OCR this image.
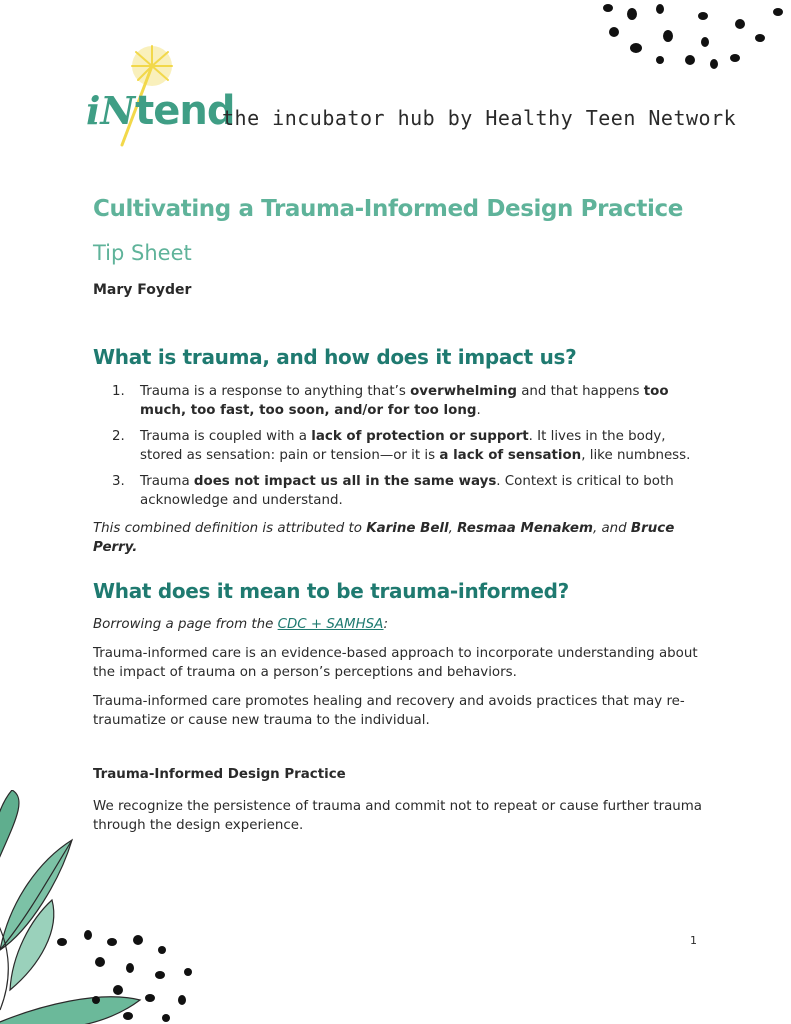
iNtend
the incubator hub by Healthy Teen Network
Cultivating a Trauma-Informed Design Practice
Tip Sheet
Mary Foyder
What is trauma, and how does it impact us?
1. Trauma is a response to anything that’s overwhelming and that happens too much, too fast, too soon, and/or for too long.
2. Trauma is coupled with a lack of protection or support. It lives in the body, stored as sensation: pain or tension—or it is a lack of sensation, like numbness.
3. Trauma does not impact us all in the same ways. Context is critical to both acknowledge and understand.
This combined definition is attributed to Karine Bell, Resmaa Menakem, and Bruce Perry.
What does it mean to be trauma-informed?
Borrowing a page from the CDC + SAMHSA:
Trauma-informed care is an evidence-based approach to incorporate understanding about the impact of trauma on a person’s perceptions and behaviors.
Trauma-informed care promotes healing and recovery and avoids practices that may re-traumatize or cause new trauma to the individual.
Trauma-Informed Design Practice
We recognize the persistence of trauma and commit not to repeat or cause further trauma through the design experience.
1
